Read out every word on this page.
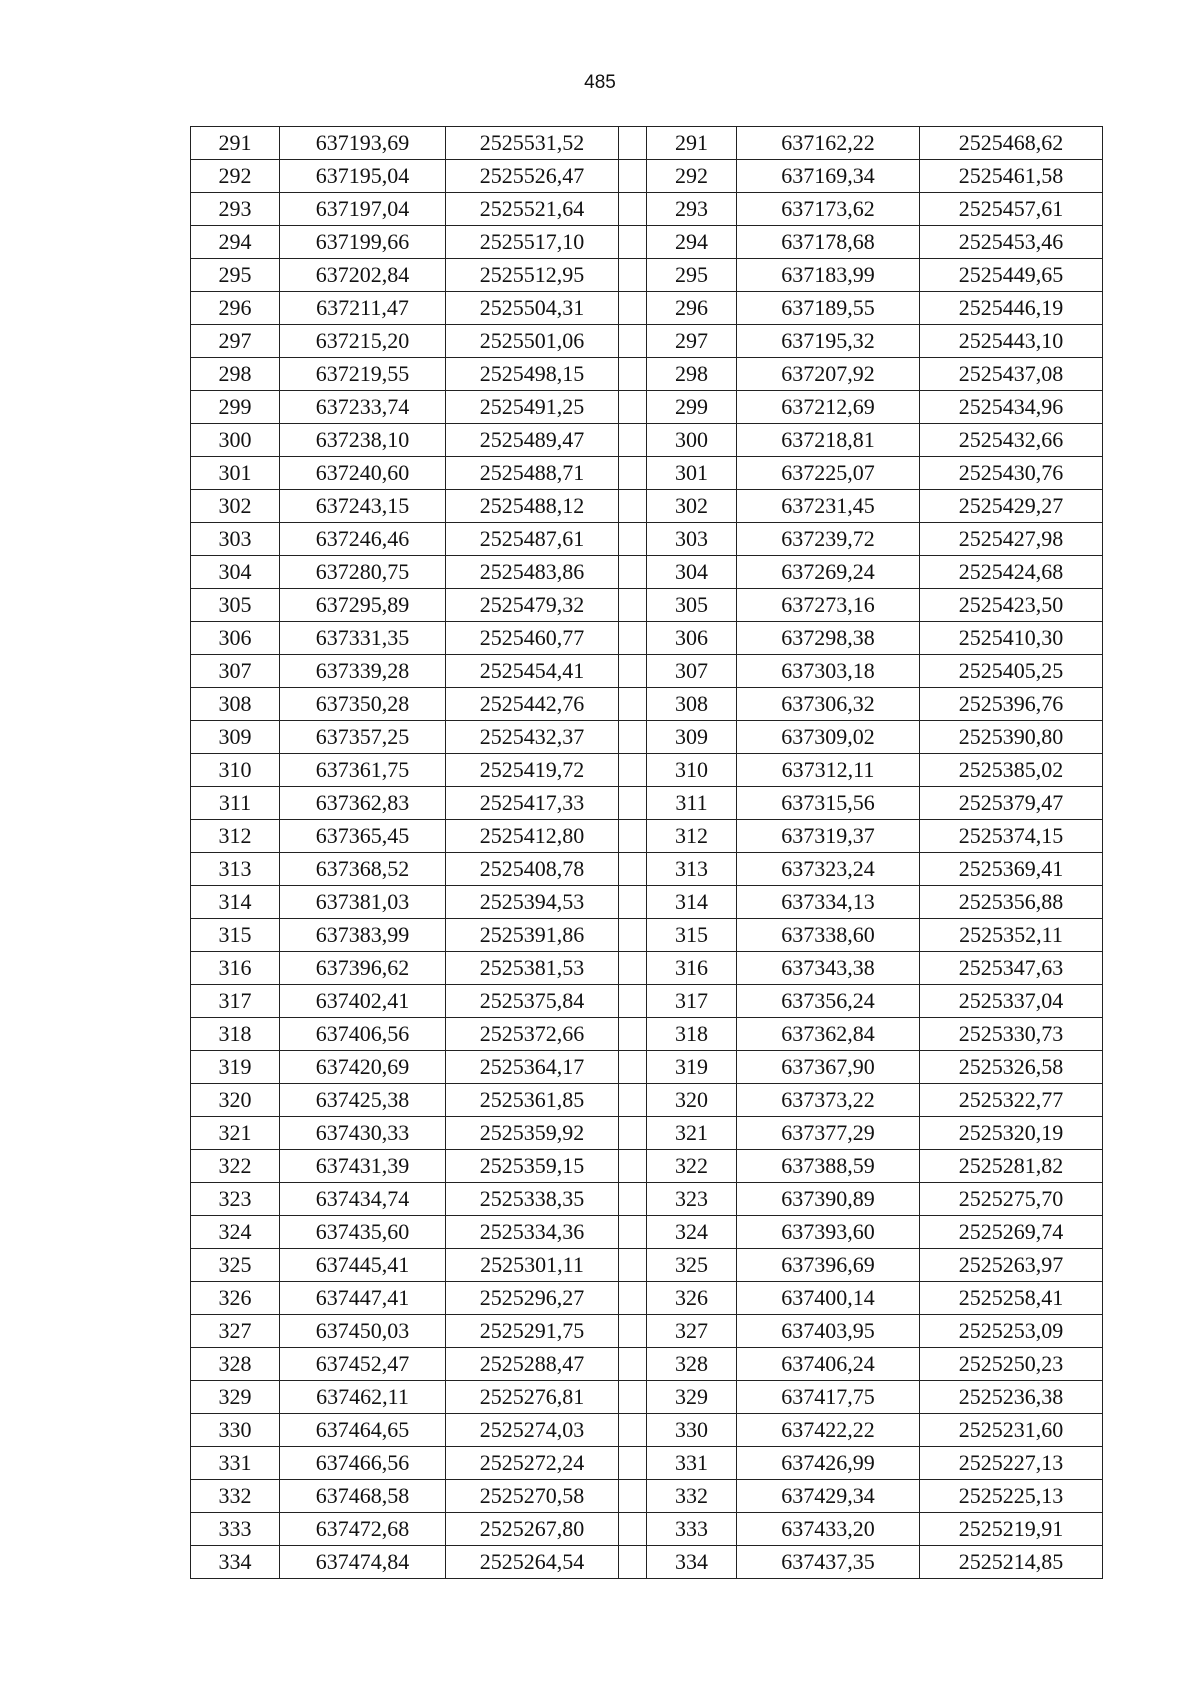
485
291	637193,69	2525531,52		291	637162,22	2525468,62
292	637195,04	2525526,47		292	637169,34	2525461,58
293	637197,04	2525521,64		293	637173,62	2525457,61
294	637199,66	2525517,10		294	637178,68	2525453,46
295	637202,84	2525512,95		295	637183,99	2525449,65
296	637211,47	2525504,31		296	637189,55	2525446,19
297	637215,20	2525501,06		297	637195,32	2525443,10
298	637219,55	2525498,15		298	637207,92	2525437,08
299	637233,74	2525491,25		299	637212,69	2525434,96
300	637238,10	2525489,47		300	637218,81	2525432,66
301	637240,60	2525488,71		301	637225,07	2525430,76
302	637243,15	2525488,12		302	637231,45	2525429,27
303	637246,46	2525487,61		303	637239,72	2525427,98
304	637280,75	2525483,86		304	637269,24	2525424,68
305	637295,89	2525479,32		305	637273,16	2525423,50
306	637331,35	2525460,77		306	637298,38	2525410,30
307	637339,28	2525454,41		307	637303,18	2525405,25
308	637350,28	2525442,76		308	637306,32	2525396,76
309	637357,25	2525432,37		309	637309,02	2525390,80
310	637361,75	2525419,72		310	637312,11	2525385,02
311	637362,83	2525417,33		311	637315,56	2525379,47
312	637365,45	2525412,80		312	637319,37	2525374,15
313	637368,52	2525408,78		313	637323,24	2525369,41
314	637381,03	2525394,53		314	637334,13	2525356,88
315	637383,99	2525391,86		315	637338,60	2525352,11
316	637396,62	2525381,53		316	637343,38	2525347,63
317	637402,41	2525375,84		317	637356,24	2525337,04
318	637406,56	2525372,66		318	637362,84	2525330,73
319	637420,69	2525364,17		319	637367,90	2525326,58
320	637425,38	2525361,85		320	637373,22	2525322,77
321	637430,33	2525359,92		321	637377,29	2525320,19
322	637431,39	2525359,15		322	637388,59	2525281,82
323	637434,74	2525338,35		323	637390,89	2525275,70
324	637435,60	2525334,36		324	637393,60	2525269,74
325	637445,41	2525301,11		325	637396,69	2525263,97
326	637447,41	2525296,27		326	637400,14	2525258,41
327	637450,03	2525291,75		327	637403,95	2525253,09
328	637452,47	2525288,47		328	637406,24	2525250,23
329	637462,11	2525276,81		329	637417,75	2525236,38
330	637464,65	2525274,03		330	637422,22	2525231,60
331	637466,56	2525272,24		331	637426,99	2525227,13
332	637468,58	2525270,58		332	637429,34	2525225,13
333	637472,68	2525267,80		333	637433,20	2525219,91
334	637474,84	2525264,54		334	637437,35	2525214,85
